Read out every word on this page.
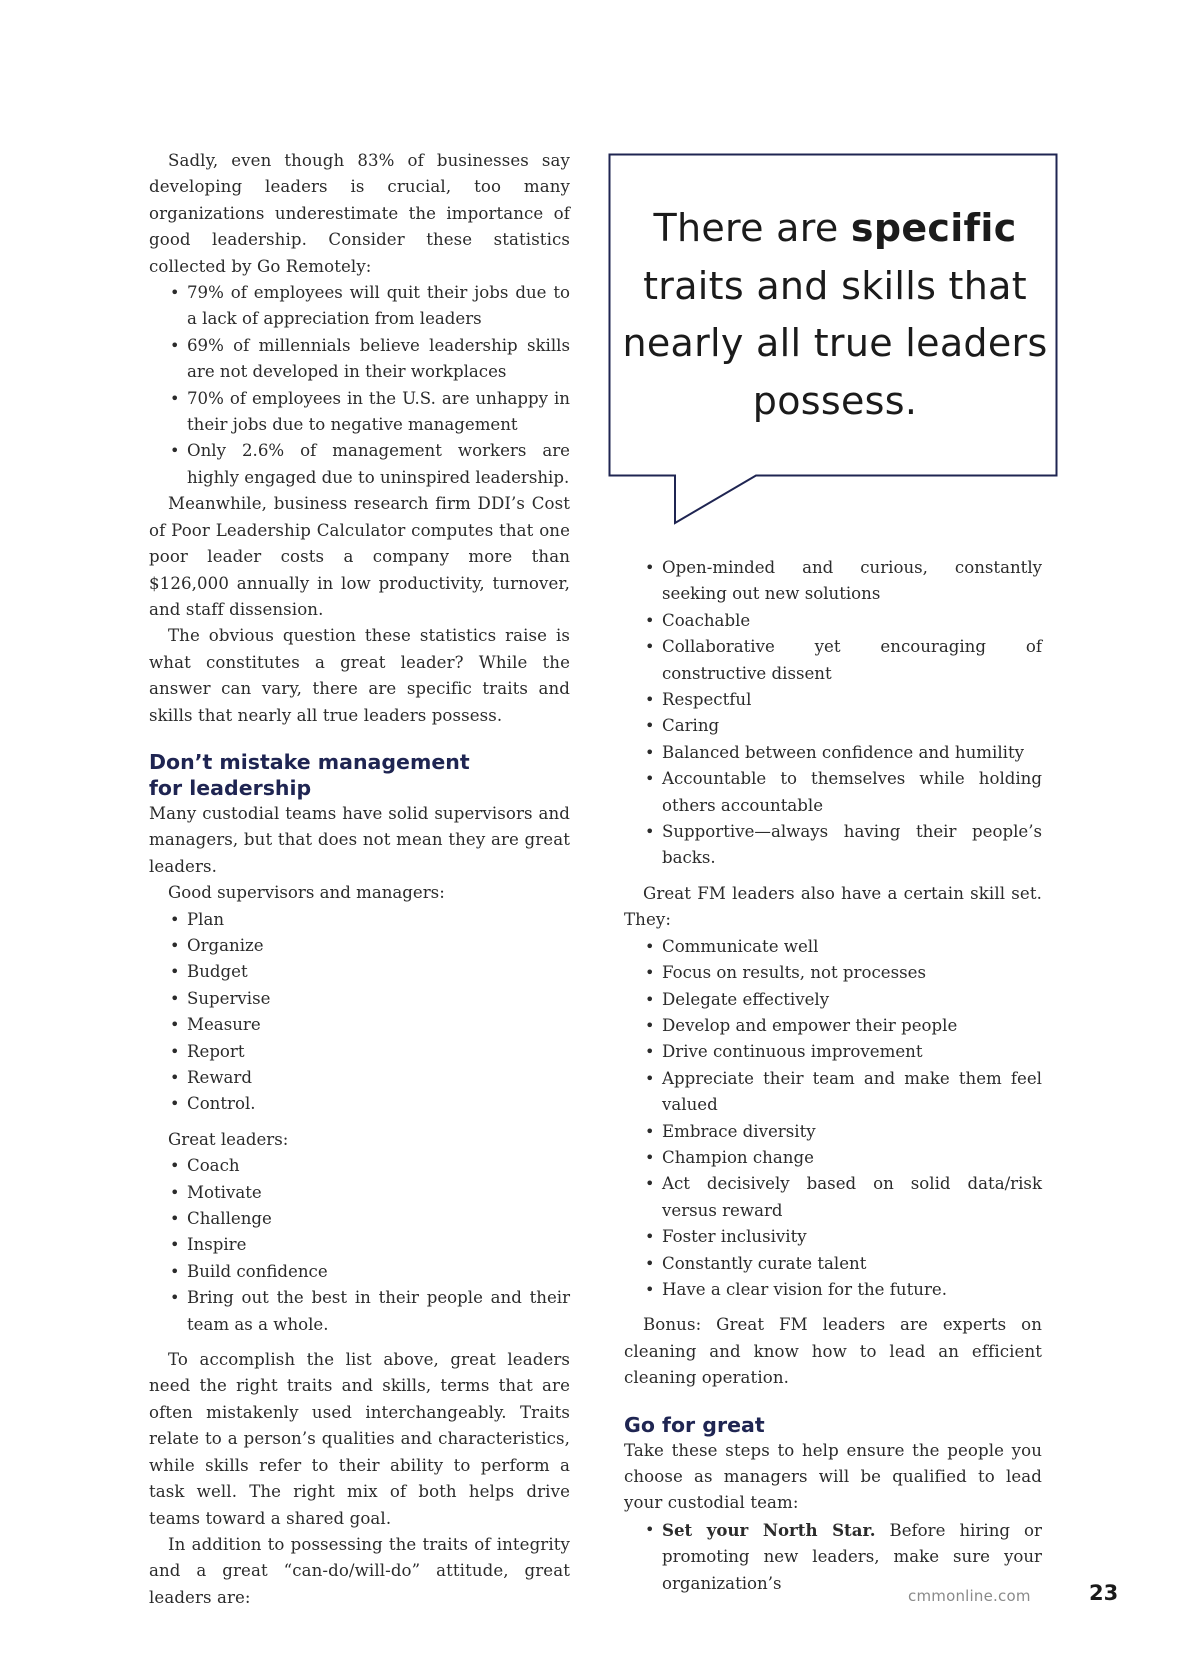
Sadly, even though 83% of businesses say developing leaders is crucial, too many organizations underestimate the importance of good leadership. Consider these statistics collected by Go Remotely:

• 79% of employees will quit their jobs due to a lack of appreciation from leaders
• 69% of millennials believe leadership skills are not developed in their workplaces
• 70% of employees in the U.S. are unhappy in their jobs due to negative management
• Only 2.6% of management workers are highly engaged due to uninspired leadership.

Meanwhile, business research firm DDI’s Cost of Poor Leadership Calculator computes that one poor leader costs a company more than $126,000 annually in low productivity, turnover, and staff dissension.

The obvious question these statistics raise is what constitutes a great leader? While the answer can vary, there are specific traits and skills that nearly all true leaders possess.

Don’t mistake management
for leadership

Many custodial teams have solid supervisors and managers, but that does not mean they are great leaders.

Good supervisors and managers:

• Plan
• Organize
• Budget
• Supervise
• Measure
• Report
• Reward
• Control.

Great leaders:

• Coach
• Motivate
• Challenge
• Inspire
• Build confidence
• Bring out the best in their people and their team as a whole.

To accomplish the list above, great leaders need the right traits and skills, terms that are often mistakenly used interchangeably. Traits relate to a person’s qualities and characteristics, while skills refer to their ability to perform a task well. The right mix of both helps drive teams toward a shared goal.

In addition to possessing the traits of integrity and a great “can-do/will-do” attitude, great leaders are:

There are specific traits and skills that nearly all true leaders possess.
• Open-minded and curious, constantly seeking out new solutions
• Coachable
• Collaborative yet encouraging of constructive dissent
• Respectful
• Caring
• Balanced between confidence and humility
• Accountable to themselves while holding others accountable
• Supportive—always having their people’s backs.

Great FM leaders also have a certain skill set. They:

• Communicate well
• Focus on results, not processes
• Delegate effectively
• Develop and empower their people
• Drive continuous improvement
• Appreciate their team and make them feel valued
• Embrace diversity
• Champion change
• Act decisively based on solid data/risk versus reward
• Foster inclusivity
• Constantly curate talent
• Have a clear vision for the future.

Bonus: Great FM leaders are experts on cleaning and know how to lead an efficient cleaning operation.

Go for great

Take these steps to help ensure the people you choose as managers will be qualified to lead your custodial team:

• Set your North Star. Before hiring or promoting new leaders, make sure your organization’s
cmmonline.com	23
